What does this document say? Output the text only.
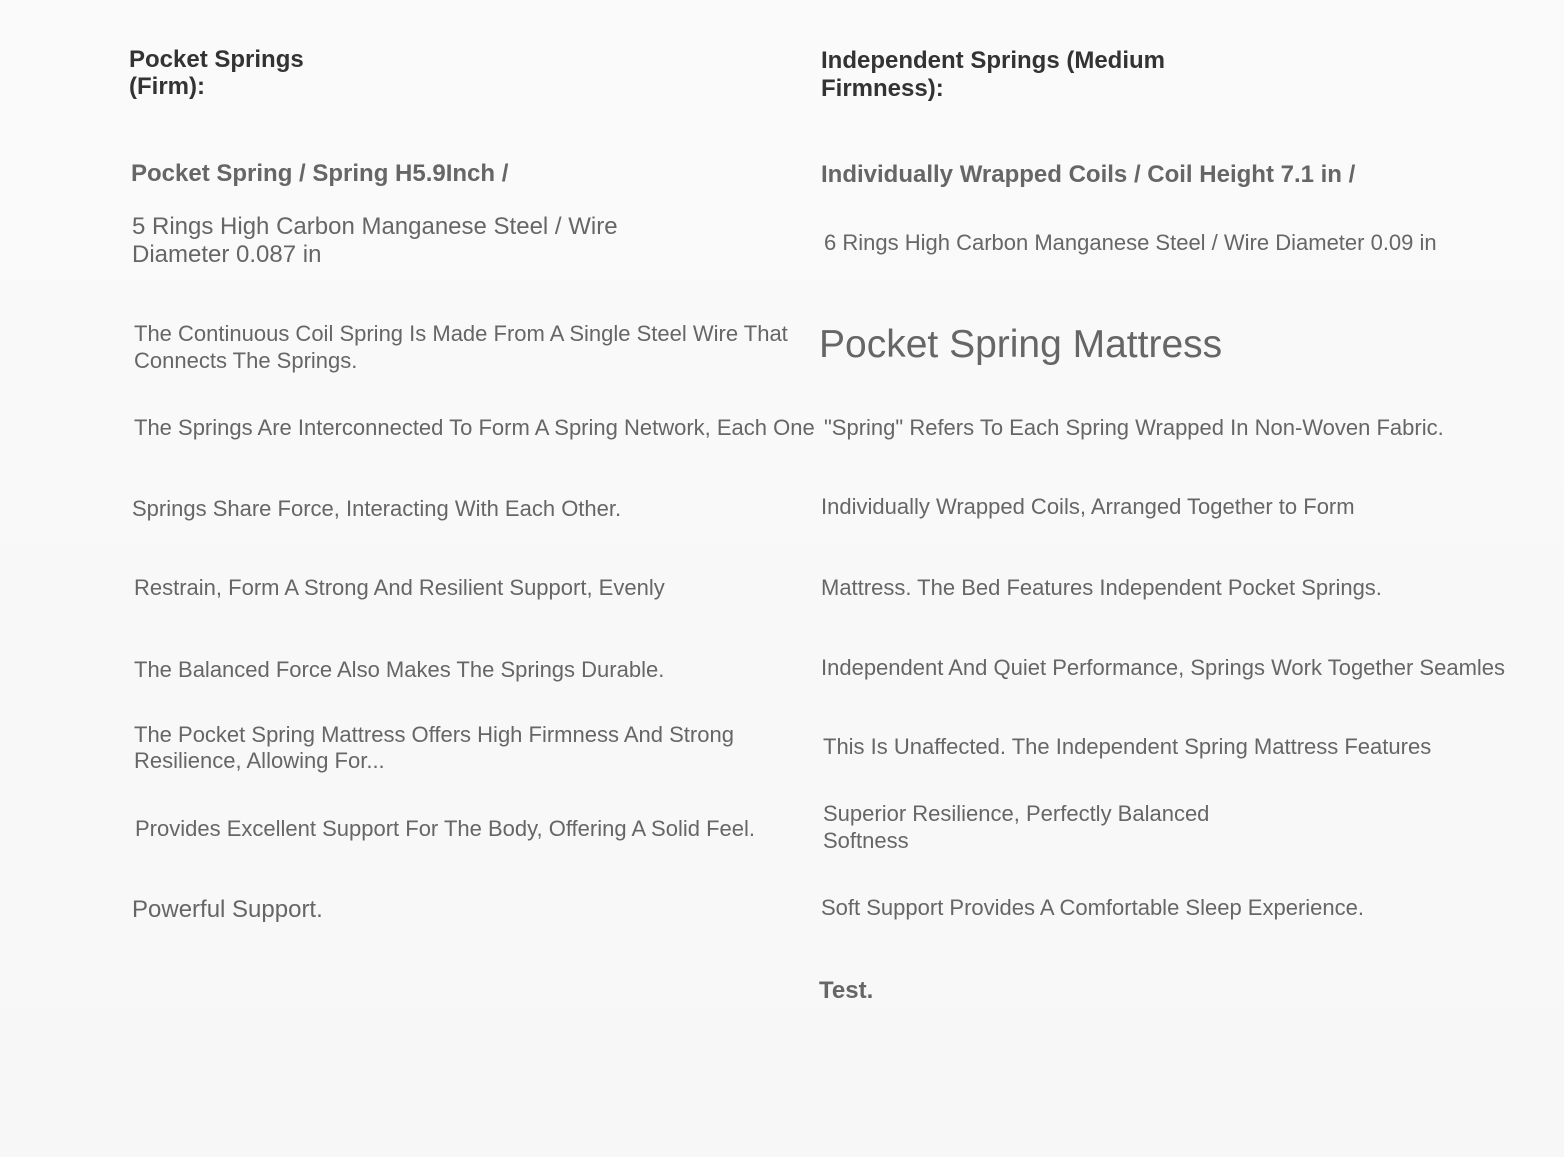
Pocket Springs
(Firm):
Pocket Spring / Spring H5.9Inch /
5 Rings High Carbon Manganese Steel / Wire
Diameter 0.087 in
The Continuous Coil Spring Is Made From A Single Steel Wire That
Connects The Springs.
The Springs Are Interconnected To Form A Spring Network, Each One
Springs Share Force, Interacting With Each Other.
Restrain, Form A Strong And Resilient Support, Evenly
The Balanced Force Also Makes The Springs Durable.
The Pocket Spring Mattress Offers High Firmness And Strong
Resilience, Allowing For...
Provides Excellent Support For The Body, Offering A Solid Feel.
Powerful Support.
Independent Springs (Medium
Firmness):
Individually Wrapped Coils / Coil Height 7.1 in /
6 Rings High Carbon Manganese Steel / Wire Diameter 0.09 in
Pocket Spring Mattress
"Spring" Refers To Each Spring Wrapped In Non-Woven Fabric.
Individually Wrapped Coils, Arranged Together to Form
Mattress. The Bed Features Independent Pocket Springs.
Independent And Quiet Performance, Springs Work Together Seamles
This Is Unaffected. The Independent Spring Mattress Features
Superior Resilience, Perfectly Balanced
Softness
Soft Support Provides A Comfortable Sleep Experience.
Test.
